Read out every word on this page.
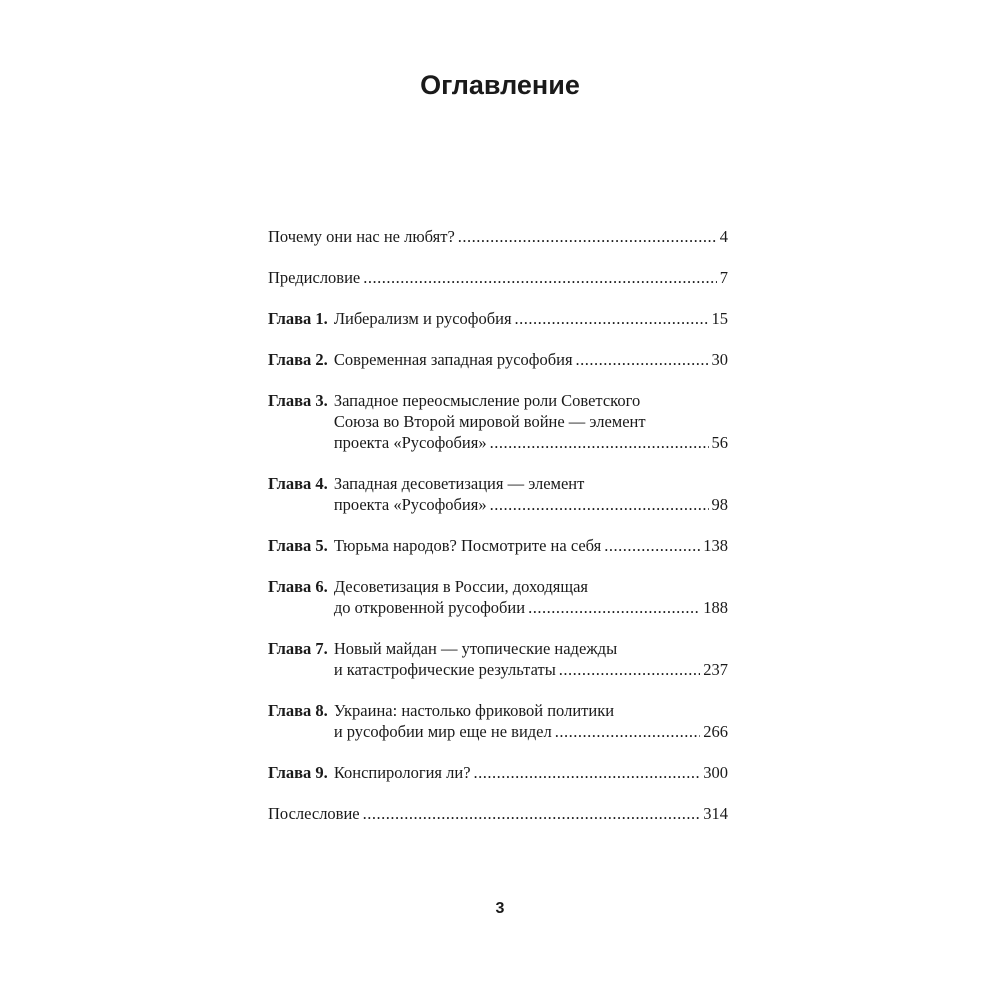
Оглавление
Почему они нас не любят? .....	4
Предисловие .....	7
Глава 1. Либерализм и русофобия .....	15
Глава 2. Современная западная русофобия .....	30
Глава 3. Западное переосмысление роли Советского
Союза во Второй мировой войне — элемент
проекта «Русофобия» .....	56
Глава 4. Западная десоветизация — элемент
проекта «Русофобия» .....	98
Глава 5. Тюрьма народов? Посмотрите на себя .....	138
Глава 6. Десоветизация в России, доходящая
до откровенной русофобии .....	188
Глава 7. Новый майдан — утопические надежды
и катастрофические результаты .....	237
Глава 8. Украина: настолько фриковой политики
и русофобии мир еще не видел .....	266
Глава 9. Конспирология ли? .....	300
Послесловие .....	314
3
